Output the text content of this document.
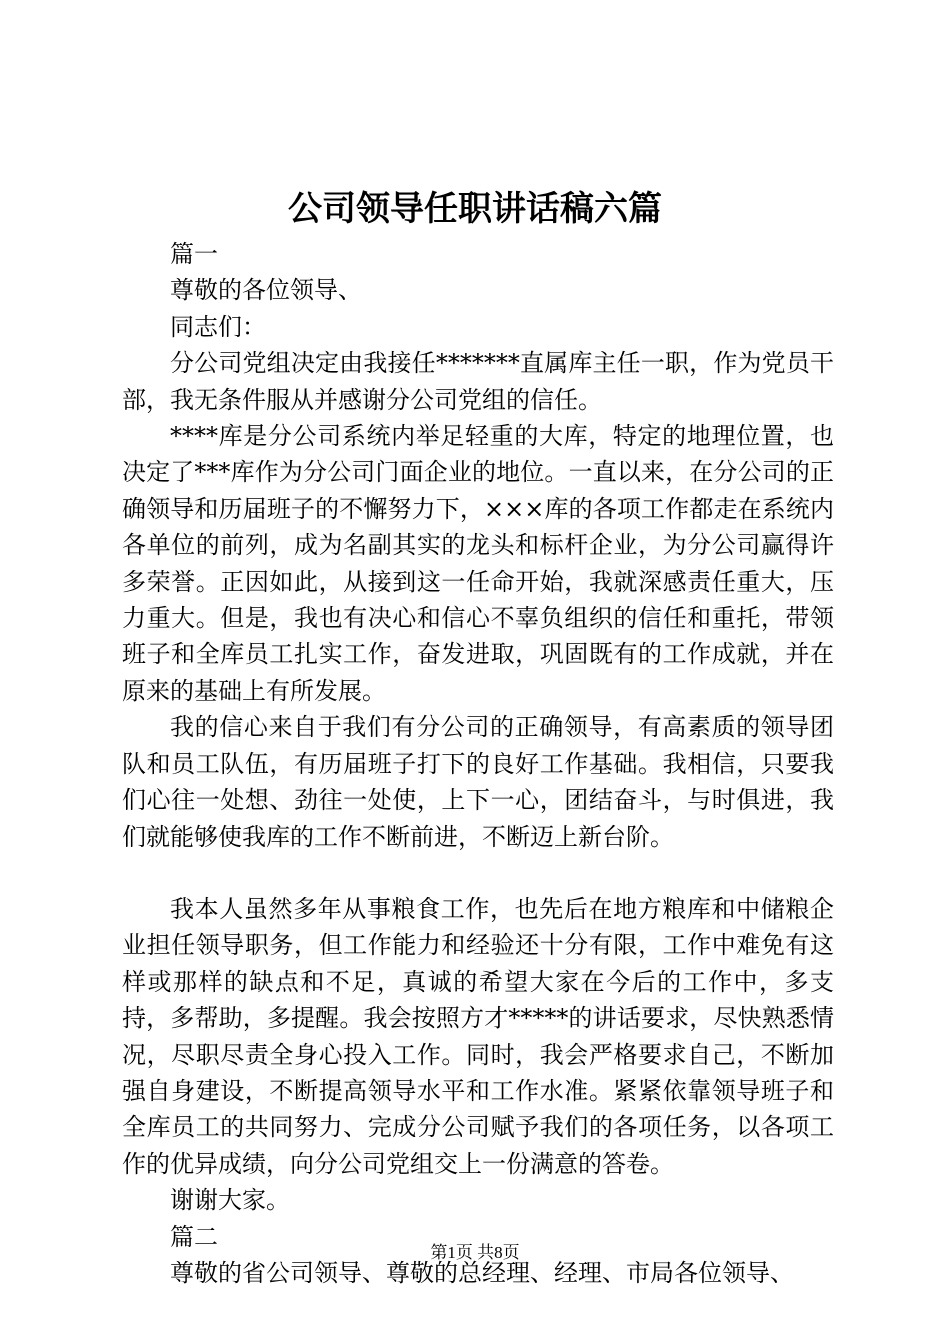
公司领导任职讲话稿六篇

篇一

尊敬的各位领导、

同志们：

分公司党组决定由我接任*******直属库主任一职，作为党员干部，我无条件服从并感谢分公司党组的信任。

****库是分公司系统内举足轻重的大库，特定的地理位置，也决定了***库作为分公司门面企业的地位。一直以来，在分公司的正确领导和历届班子的不懈努力下，×××库的各项工作都走在系统内各单位的前列，成为名副其实的龙头和标杆企业，为分公司赢得许多荣誉。正因如此，从接到这一任命开始，我就深感责任重大，压力重大。但是，我也有决心和信心不辜负组织的信任和重托，带领班子和全库员工扎实工作，奋发进取，巩固既有的工作成就，并在原来的基础上有所发展。

我的信心来自于我们有分公司的正确领导，有高素质的领导团队和员工队伍，有历届班子打下的良好工作基础。我相信，只要我们心往一处想、劲往一处使，上下一心，团结奋斗，与时俱进，我们就能够使我库的工作不断前进，不断迈上新台阶。

我本人虽然多年从事粮食工作，也先后在地方粮库和中储粮企业担任领导职务，但工作能力和经验还十分有限，工作中难免有这样或那样的缺点和不足，真诚的希望大家在今后的工作中，多支持，多帮助，多提醒。我会按照方才*****的讲话要求，尽快熟悉情况，尽职尽责全身心投入工作。同时，我会严格要求自己，不断加强自身建设，不断提高领导水平和工作水准。紧紧依靠领导班子和全库员工的共同努力、完成分公司赋予我们的各项任务，以各项工作的优异成绩，向分公司党组交上一份满意的答卷。

谢谢大家。

篇二

尊敬的省公司领导、尊敬的总经理、经理、市局各位领导、

第1页 共8页
